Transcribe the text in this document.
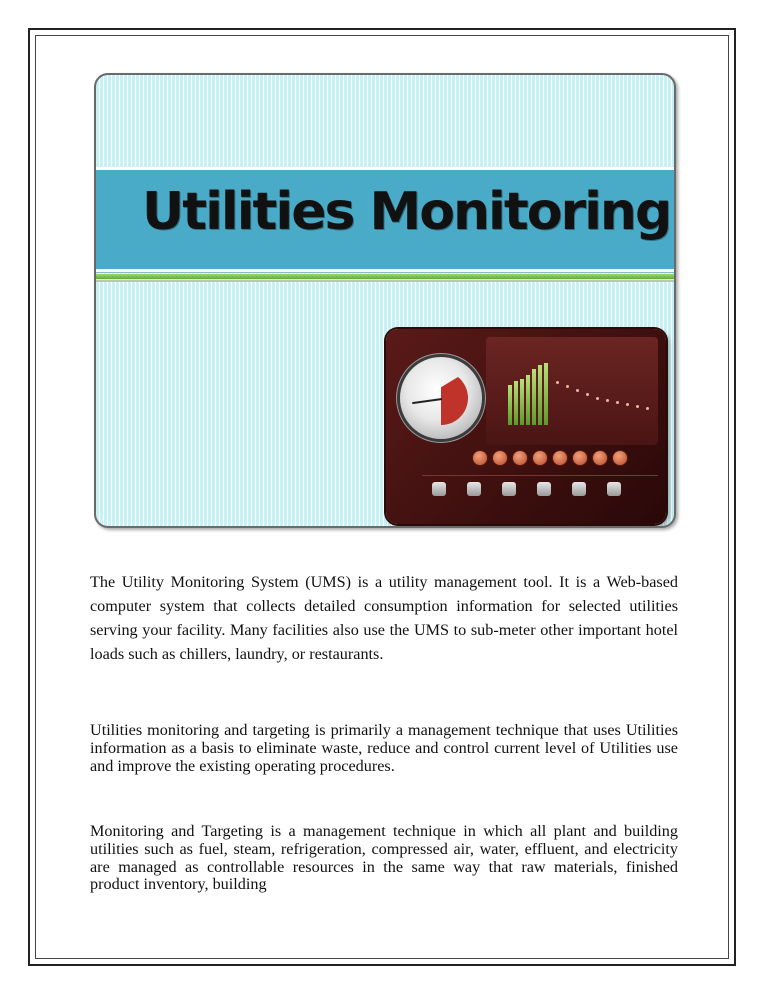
Utilities Monitoring
The Utility Monitoring System (UMS) is a utility management tool. It is a Web-based computer system that collects detailed consumption information for selected utilities serving your facility. Many facilities also use the UMS to sub-meter other important hotel loads such as chillers, laundry, or restaurants.
Utilities monitoring and targeting is primarily a management technique that uses Utilities information as a basis to eliminate waste, reduce and control current level of Utilities use and improve the existing operating procedures.
Monitoring and Targeting is a management technique in which all plant and building utilities such as fuel, steam, refrigeration, compressed air, water, effluent, and electricity are managed as controllable resources in the same way that raw materials, finished product inventory, building
